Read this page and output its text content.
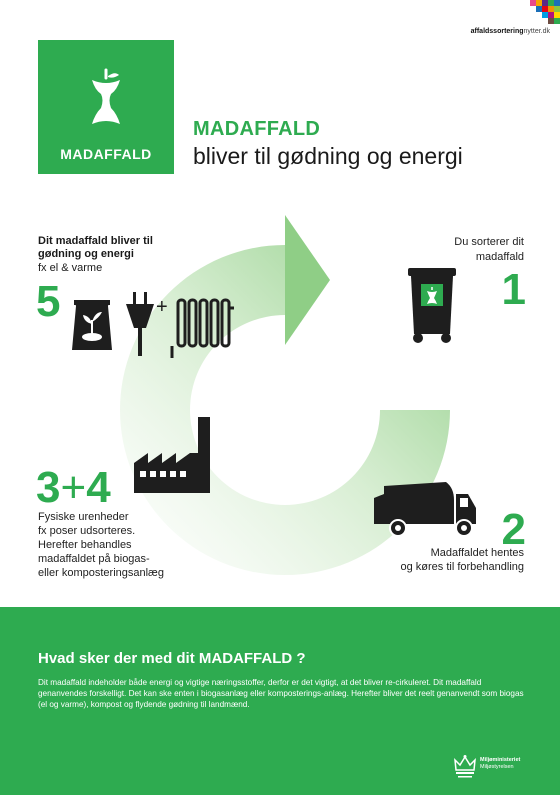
affaldssorteringnytter.dk
MADAFFALD
MADAFFALD
bliver til gødning og energi
Dit madaffald bliver til gødning og energi
fx el & varme
5	+
Du sorterer dit
madaffald
1
3+4
Fysiske urenheder
fx poser udsorteres.
Herefter behandles
madaffaldet på biogas-
eller komposteringsanlæg
2
Madaffaldet hentes
og køres til forbehandling
Hvad sker der med dit MADAFFALD ?
Dit madaffald indeholder både energi og vigtige næringsstoffer, derfor er det vigtigt, at det bliver re-cirkuleret. Dit madaffald genanvendes forskelligt. Det kan ske enten i biogasanlæg eller komposterings-anlæg. Herefter bliver det reelt genanvendt som biogas (el og varme), kompost og flydende gødning til landmænd.
Miljøministeriet
Miljøstyrelsen
